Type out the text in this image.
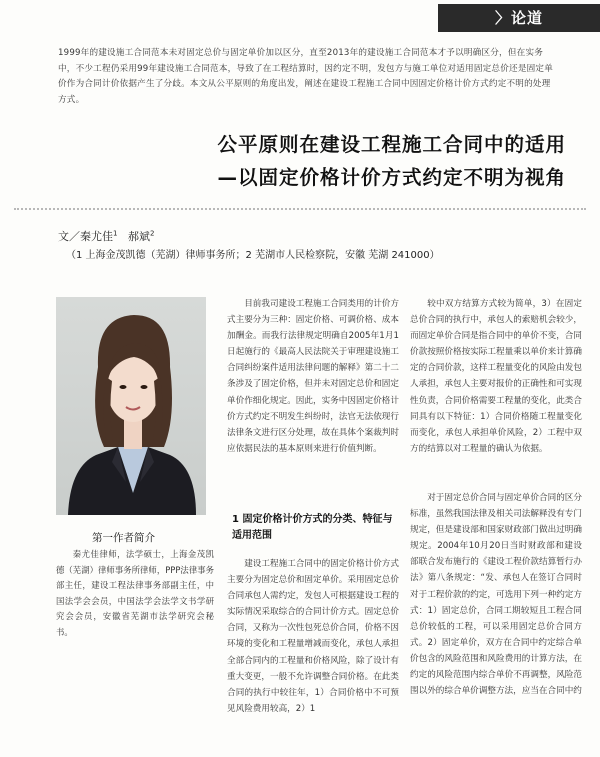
〉论道
1999年的建设施工合同范本未对固定总价与固定单价加以区分，直至2013年的建设施工合同范本才予以明确区分，但在实务中，不少工程仍采用99年建设施工合同范本，导致了在工程结算时，因约定不明，发包方与施工单位对适用固定总价还是固定单价作为合同计价依据产生了分歧。本文从公平原则的角度出发，阐述在建设工程施工合同中因固定价格计价方式约定不明的处理方式。
公平原则在建设工程施工合同中的适用
—以固定价格计价方式约定不明为视角
文／秦尤佳$^1$ 郝斌$^2$
（1 上海金茂凯德（芜湖）律师事务所；2 芜湖市人民检察院，安徽 芜湖 241000）
第一作者简介
秦尤佳律师，法学硕士，上海金茂凯德（芜湖）律师事务所律师，PPP法律事务部主任，建设工程法律事务部副主任，中国法学会会员，中国法学会法学文书学研究会会员，安徽省芜湖市法学研究会秘书。

目前我司建设工程施工合同类用的计价方式主要分为三种：固定价格、可调价格、成本加酬金。而我行法律规定明确自2005年1月1日起施行的《最高人民法院关于审理建设施工合同纠纷案件适用法律问题的解释》第二十二条涉及了固定价格，但并未对固定总价和固定单价作细化规定。因此，实务中因固定价格计价方式约定不明发生纠纷时，法官无法依现行法律条文进行区分处理，故在具体个案裁判时应依据民法的基本原则来进行价值判断。

1 固定价格计价方式的分类、特征与适用范围

建设工程施工合同中的固定价格计价方式主要分为固定总价和固定单价。采用固定总价合同承包人需约定，发包人可根据建设工程的实际情况采取综合的合同计价方式。固定总价合同，又称为一次性包死总价合同，价格不因环境的变化和工程量增减而变化，承包人承担全部合同内的工程量和价格风险，除了设计有重大变更，一般不允许调整合同价格。在此类合同的执行中较往年，1）合同价格中不可预见风险费用较高，2）1

较中双方结算方式较为简单，3）在固定总价合同的执行中，承包人的索赔机会较少，而固定单价合同是指合同中的单价不变，合同价款按照价格按实际工程量乘以单价来计算确定的合同价款，这样工程量变化的风险由发包人承担，承包人主要对报价的正确性和可实现性负责，合同价格需要工程量的变化，此类合同具有以下特征：1）合同价格随工程量变化而变化，承包人承担单价风险，2）工程中双方的结算以对工程量的确认为依据。

对于固定总价合同与固定单价合同的区分标准，虽然我国法律及相关司法解释没有专门规定，但是建设部和国家财政部门做出过明确规定。2004年10月20日当时财政部和建设部联合发布施行的《建设工程价款结算暂行办法》第八条规定：“发、承包人在签订合同时对于工程价款的约定，可选用下列一种约定方式：1）固定总价，合同工期较短且工程合同总价较低的工程，可以采用固定总价合同方式。2）固定单价，双方在合同中约定综合单价包含的风险范围和风险费用的计算方法，在约定的风险范围内综合单价不再调整，风险范围以外的综合单价调整方法，应当在合同中约
